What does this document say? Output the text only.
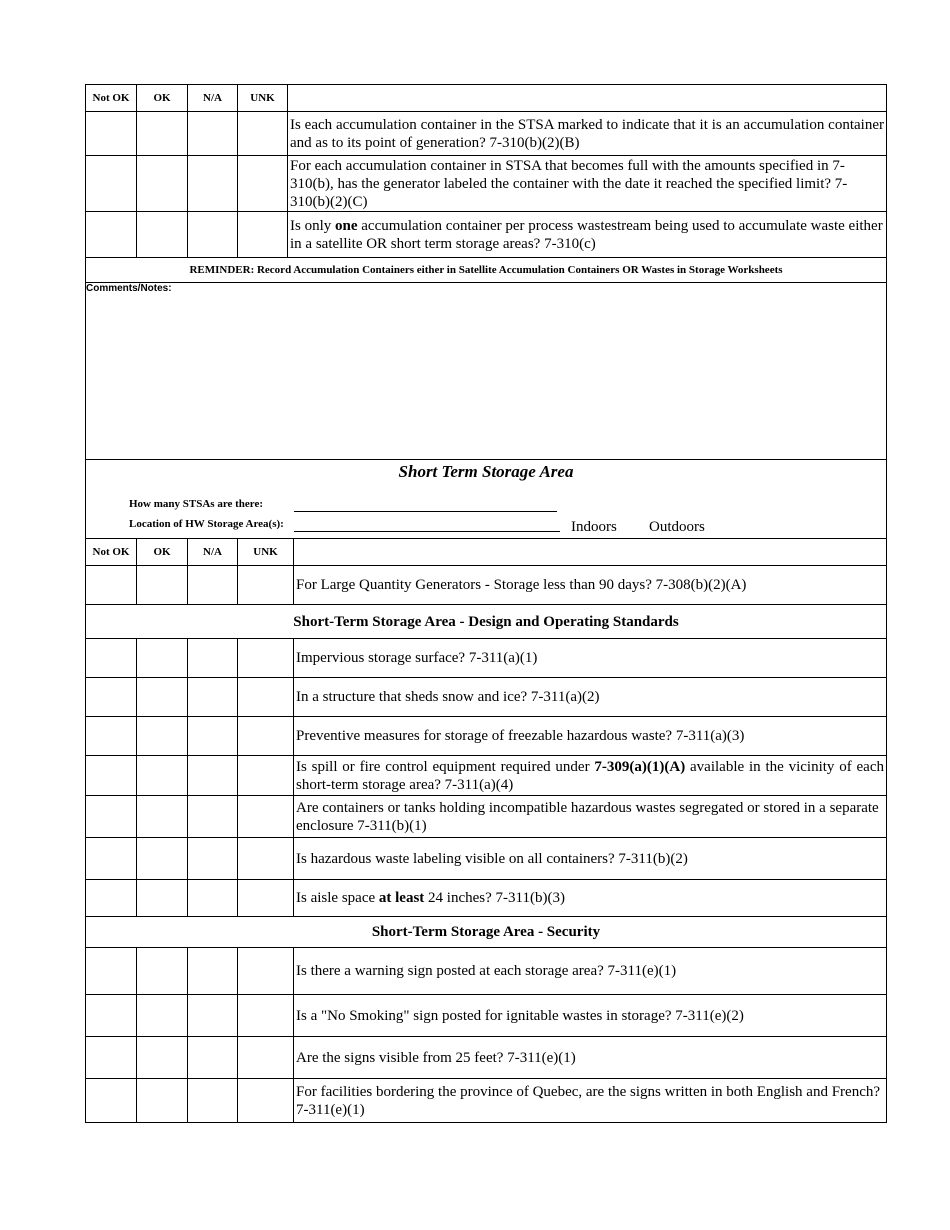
Not OK	OK	N/A	UNK	
				Is each accumulation container in the STSA marked to indicate that it is an accumulation container and as to its point of generation? 7-310(b)(2)(B)
				For each accumulation container in STSA that becomes full with the amounts specified in 7-310(b), has the generator labeled the container with the date it reached the specified limit? 7-310(b)(2)(C)
				Is only one accumulation container per process wastestream being used to accumulate waste either in a satellite OR short term storage areas? 7-310(c)
REMINDER: Record Accumulation Containers either in Satellite Accumulation Containers OR Wastes in Storage Worksheets				

Comments/Notes:				
Short Term Storage Area
How many STSAs are there:
Location of HW Storage Area(s):	Indoors Outdoors
Not OK	OK	N/A	UNK	
				For Large Quantity Generators - Storage less than 90 days? 7-308(b)(2)(A)
Short-Term Storage Area - Design and Operating Standards				
				Impervious storage surface? 7-311(a)(1)
				In a structure that sheds snow and ice? 7-311(a)(2)
				Preventive measures for storage of freezable hazardous waste? 7-311(a)(3)
				Is spill or fire control equipment required under 7-309(a)(1)(A) available in the vicinity of each short-term storage area? 7-311(a)(4)
				Are containers or tanks holding incompatible hazardous wastes segregated or stored in a separate enclosure 7-311(b)(1)
				Is hazardous waste labeling visible on all containers? 7-311(b)(2)
				Is aisle space at least 24 inches? 7-311(b)(3)
Short-Term Storage Area - Security				
				Is there a warning sign posted at each storage area? 7-311(e)(1)
				Is a "No Smoking" sign posted for ignitable wastes in storage? 7-311(e)(2)
				Are the signs visible from 25 feet? 7-311(e)(1)
				For facilities bordering the province of Quebec, are the signs written in both English and French? 7-311(e)(1)
